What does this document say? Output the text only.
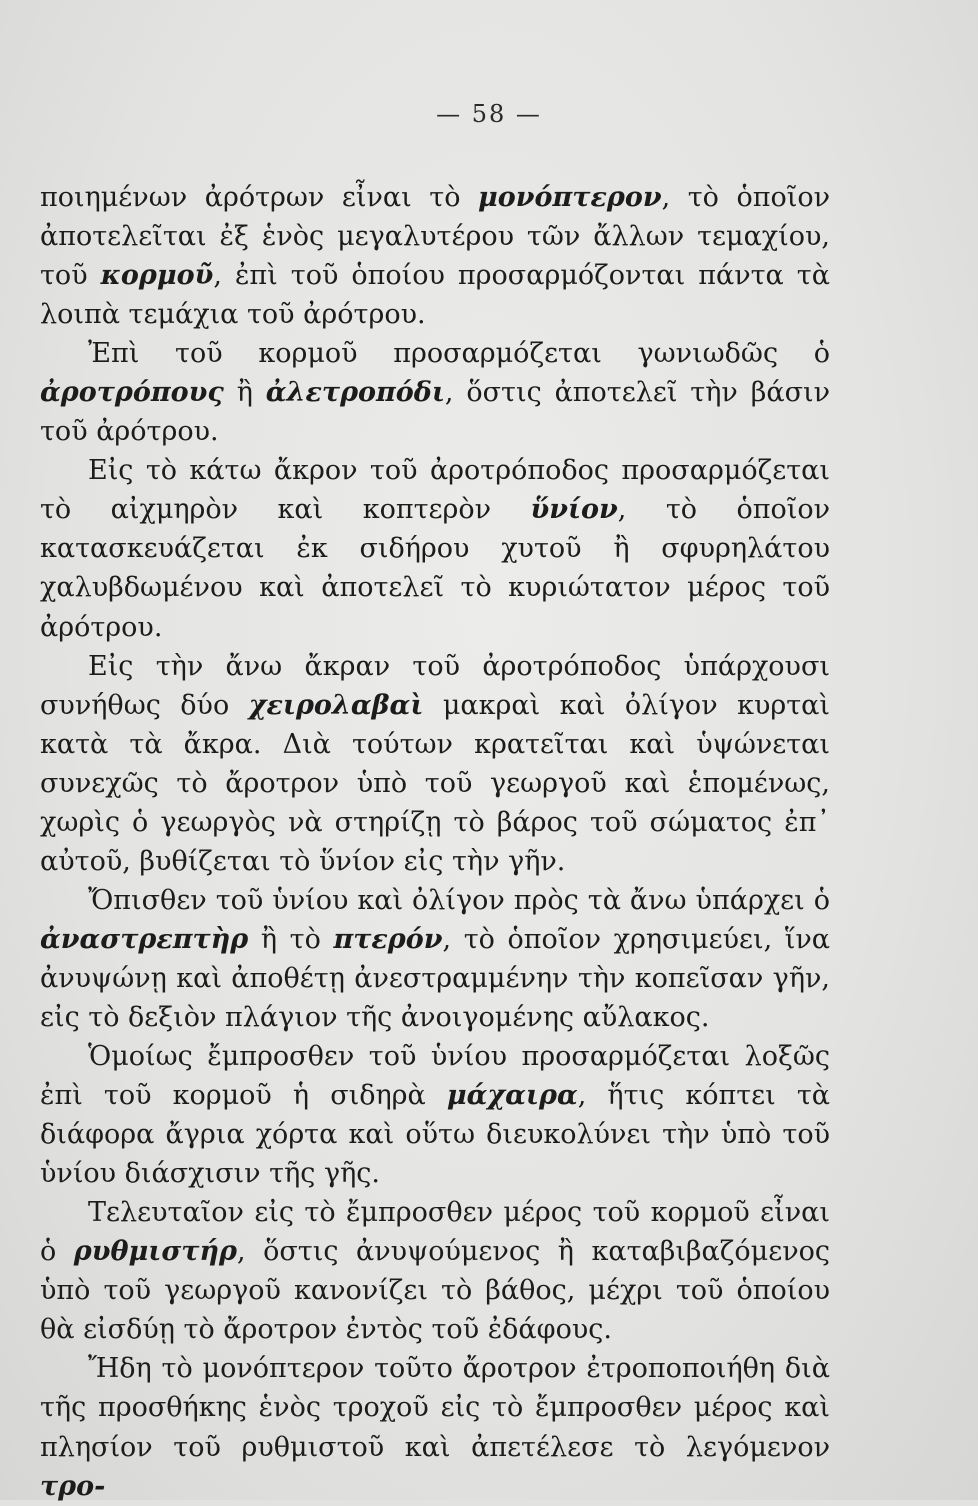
— 58 —

ποιημένων ἀρότρων εἶναι τὸ μονόπτερον, τὸ ὁποῖον ἀποτελεῖται ἐξ ἑνὸς μεγαλυτέρου τῶν ἄλλων τεμαχίου, τοῦ κορμοῦ, ἐπὶ τοῦ ὁποίου προσαρμόζονται πάντα τὰ λοιπὰ τεμάχια τοῦ ἀρότρου.

Ἐπὶ τοῦ κορμοῦ προσαρμόζεται γωνιωδῶς ὁ ἀροτρόπους ἢ ἀλετροπόδι, ὅστις ἀποτελεῖ τὴν βάσιν τοῦ ἀρότρου.

Εἰς τὸ κάτω ἄκρον τοῦ ἀροτρόποδος προσαρμόζεται τὸ αἰχμηρὸν καὶ κοπτερὸν ὕνίον, τὸ ὁποῖον κατασκευάζεται ἐκ σιδήρου χυτοῦ ἢ σφυρηλάτου χαλυβδωμένου καὶ ἀποτελεῖ τὸ κυριώτατον μέρος τοῦ ἀρότρου.

Εἰς τὴν ἄνω ἄκραν τοῦ ἀροτρόποδος ὑπάρχουσι συνήθως δύο χειρολαβαὶ μακραὶ καὶ ὀλίγον κυρταὶ κατὰ τὰ ἄκρα. Διὰ τούτων κρατεῖται καὶ ὑψώνεται συνεχῶς τὸ ἄροτρον ὑπὸ τοῦ γεωργοῦ καὶ ἑπομένως, χωρὶς ὁ γεωργὸς νὰ στηρίζῃ τὸ βάρος τοῦ σώματος ἐπ᾽ αὐτοῦ, βυθίζεται τὸ ὕνίον εἰς τὴν γῆν.

Ὄπισθεν τοῦ ὑνίου καὶ ὀλίγον πρὸς τὰ ἄνω ὑπάρχει ὁ ἀναστρεπτὴρ ἢ τὸ πτερόν, τὸ ὁποῖον χρησιμεύει, ἵνα ἀνυψώνῃ καὶ ἀποθέτῃ ἀνεστραμμένην τὴν κοπεῖσαν γῆν, εἰς τὸ δεξιὸν πλάγιον τῆς ἀνοιγομένης αὔλακος.

Ὁμοίως ἔμπροσθεν τοῦ ὑνίου προσαρμόζεται λοξῶς ἐπὶ τοῦ κορμοῦ ἡ σιδηρὰ μάχαιρα, ἥτις κόπτει τὰ διάφορα ἄγρια χόρτα καὶ οὕτω διευκολύνει τὴν ὑπὸ τοῦ ὑνίου διάσχισιν τῆς γῆς.

Τελευταῖον εἰς τὸ ἔμπροσθεν μέρος τοῦ κορμοῦ εἶναι ὁ ρυθμιστήρ, ὅστις ἀνυψούμενος ἢ καταβιβαζόμενος ὑπὸ τοῦ γεωργοῦ κανονίζει τὸ βάθος, μέχρι τοῦ ὁποίου θὰ εἰσδύῃ τὸ ἄροτρον ἐντὸς τοῦ ἐδάφους.

Ἤδη τὸ μονόπτερον τοῦτο ἄροτρον ἐτροποποιήθη διὰ τῆς προσθήκης ἑνὸς τροχοῦ εἰς τὸ ἔμπροσθεν μέρος καὶ πλησίον τοῦ ρυθμιστοῦ καὶ ἀπετέλεσε τὸ λεγόμενον τρο-
